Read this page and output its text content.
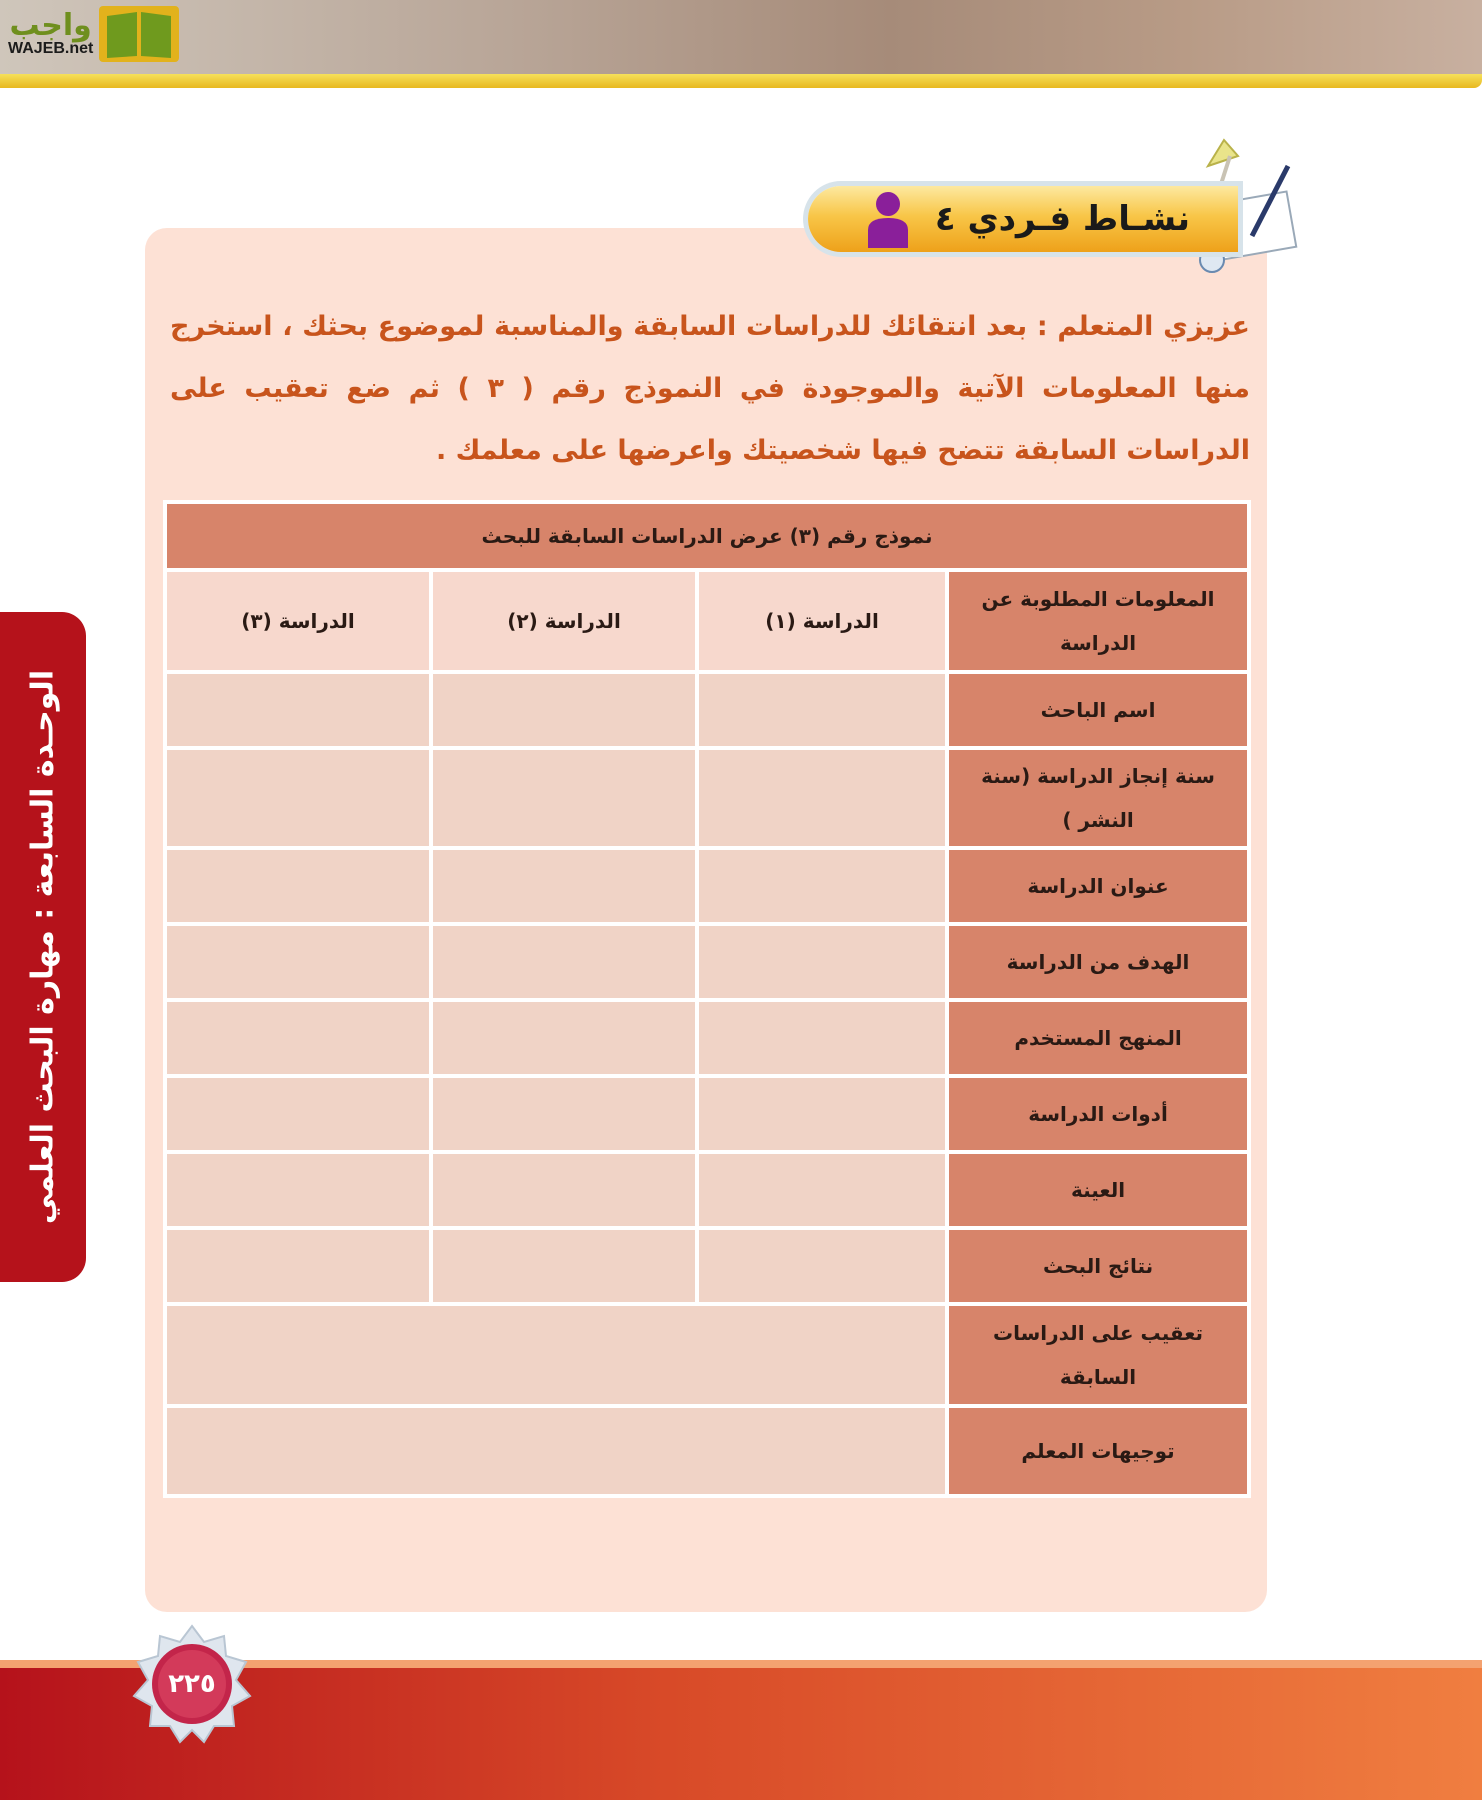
واجب
WAJEB.net
نشـاط فـردي ٤
عزيزي المتعلم : بعد انتقائك للدراسات السابقة والمناسبة لموضوع بحثك ، استخرج منها المعلومات الآتية والموجودة في النموذج رقم ( ٣ ) ثم ضع تعقيب على الدراسات السابقة تتضح فيها شخصيتك واعرضها على معلمك .
نموذج رقم (٣) عرض الدراسات السابقة للبحث			
المعلومات المطلوبة عن الدراسة	الدراسة (١)	الدراسة (٢)	الدراسة (٣)
اسم الباحث			
سنة إنجاز الدراسة (سنة النشر )			
عنوان الدراسة			
الهدف من الدراسة			
المنهج المستخدم			
أدوات الدراسة			
العينة			
نتائج البحث			
تعقيب على الدراسات السابقة			
توجيهات المعلم			
الوحـدة السابعة : مهارة البحث العلمي
٢٢٥
